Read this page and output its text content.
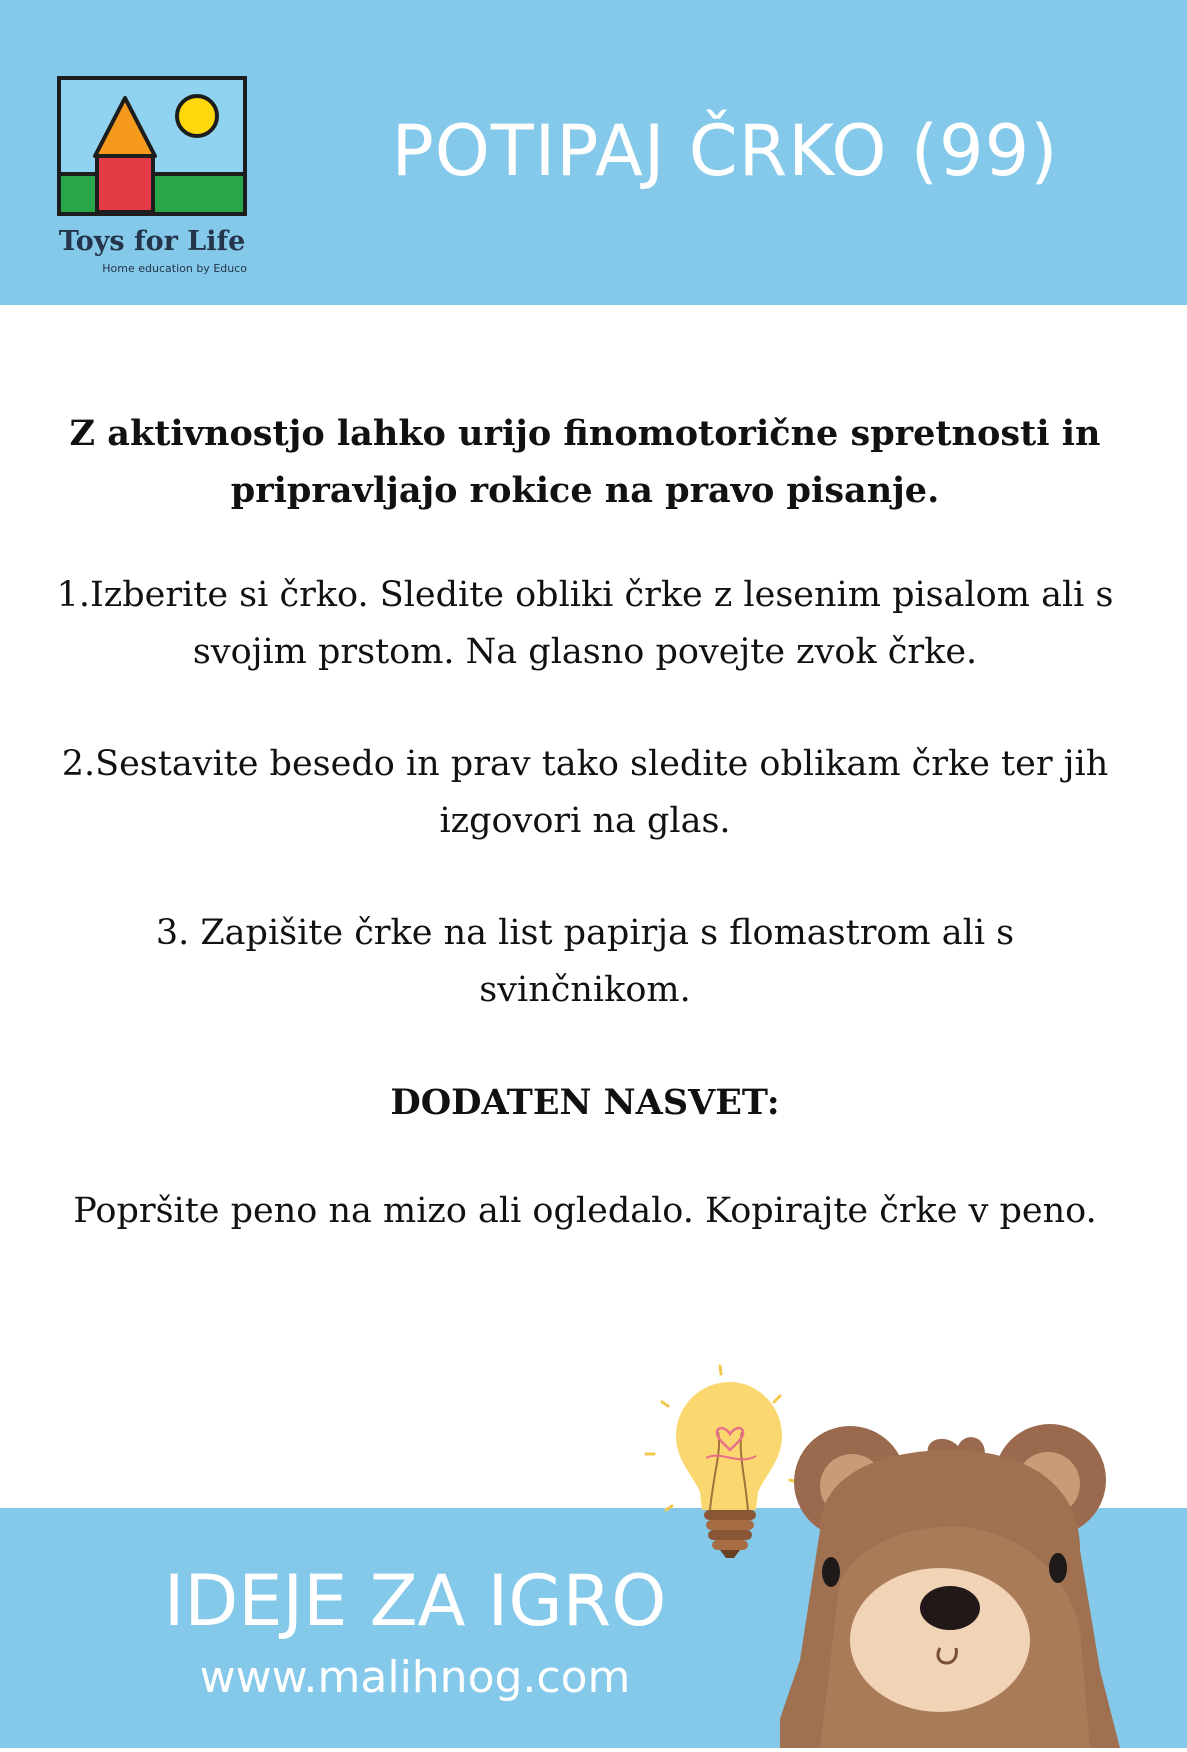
Toys for Life
Home education by Educo
POTIPAJ ČRKO (99)

Z aktivnostjo lahko urijo finomotorične spretnosti in pripravljajo rokice na pravo pisanje.

1.Izberite si črko. Sledite obliki črke z lesenim pisalom ali s svojim prstom. Na glasno povejte zvok črke.

2.Sestavite besedo in prav tako sledite oblikam črke ter jih izgovori na glas.

3. Zapišite črke na list papirja s flomastrom ali s svinčnikom.

DODATEN NASVET:

Popršite peno na mizo ali ogledalo. Kopirajte črke v peno.

IDEJE ZA IGRO
www.malihnog.com
